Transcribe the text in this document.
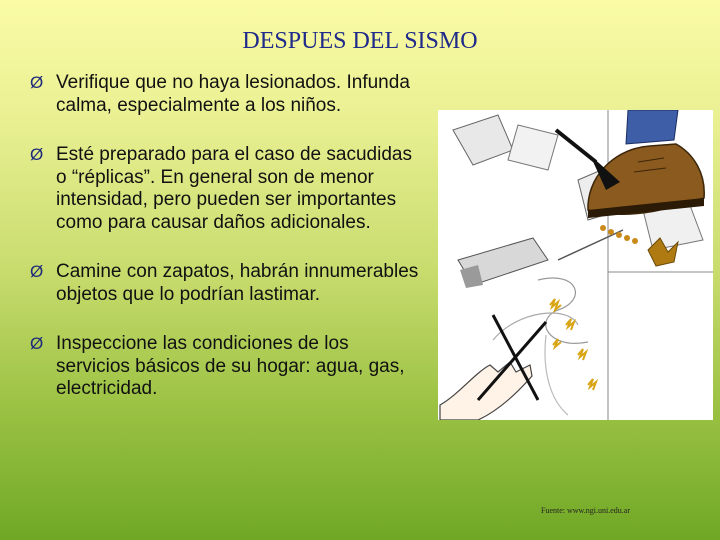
DESPUES DEL SISMO
Ø Verifique que no haya lesionados. Infunda calma, especialmente a los niños.
Ø Esté preparado para el caso de sacudidas o “réplicas”. En general son de menor intensidad, pero pueden ser importantes como para causar daños adicionales.
Ø Camine con zapatos, habrán innumerables objetos que lo podrían lastimar.
Ø Inspeccione las condiciones de los servicios básicos de su hogar: agua, gas, electricidad.
Fuente: www.ngi.uni.edu.ar
